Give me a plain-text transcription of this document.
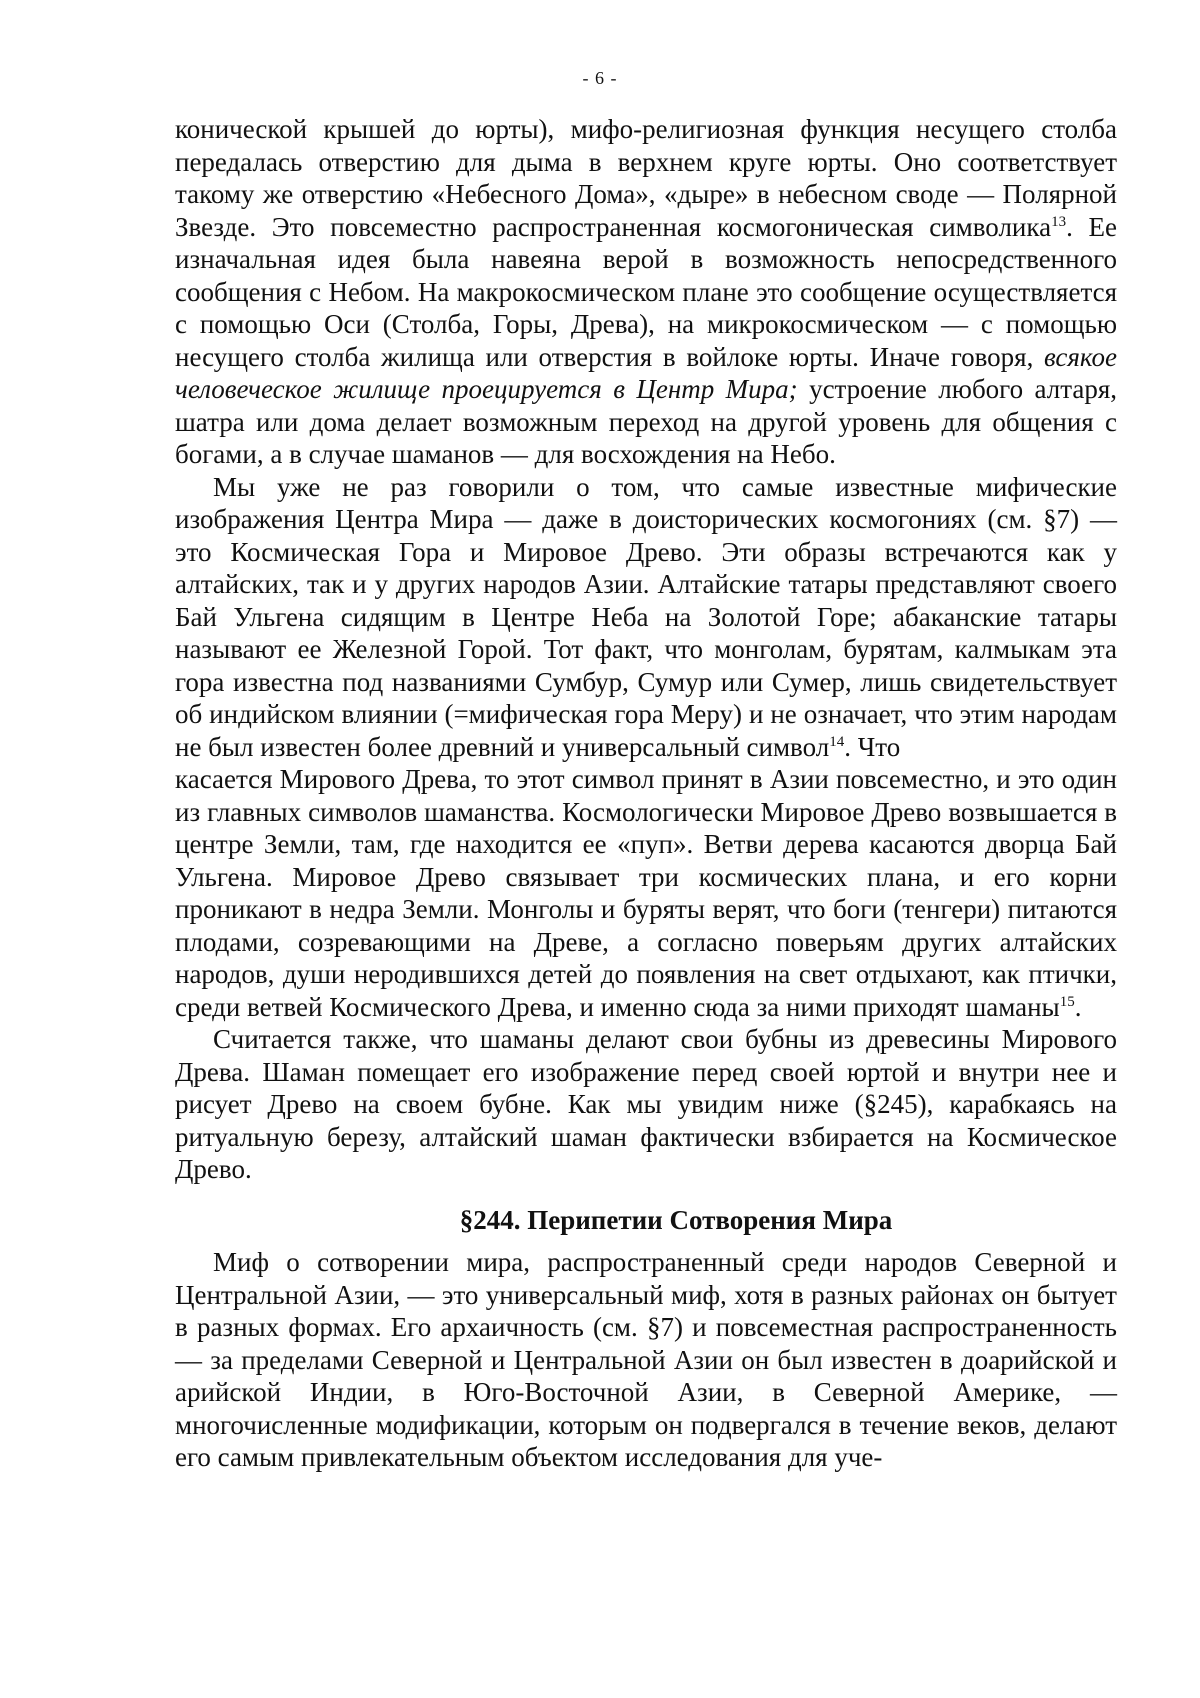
- 6 -

конической крышей до юрты), мифо-религиозная функция несущего столба передалась отверстию для дыма в верхнем круге юрты. Оно соответствует такому же отверстию «Небесного Дома», «дыре» в небесном своде — Полярной Звезде. Это повсеместно распространенная космогоническая символика$^{13}$. Ее изначальная идея была навеяна верой в возможность непосредственного сообщения с Небом. На макрокосмическом плане это сообщение осуществляется с помощью Оси (Столба, Горы, Древа), на микрокосмическом — с помощью несущего столба жилища или отверстия в войлоке юрты. Иначе говоря, всякое человеческое жилище проецируется в Центр Мира; устроение любого алтаря, шатра или дома делает возможным переход на другой уровень для общения с богами, а в случае шаманов — для восхождения на Небо.

Мы уже не раз говорили о том, что самые известные мифические изображения Центра Мира — даже в доисторических космогониях (см. §7) — это Космическая Гора и Мировое Древо. Эти образы встречаются как у алтайских, так и у других народов Азии. Алтайские татары представляют своего Бай Ульгена сидящим в Центре Неба на Золотой Горе; абаканские татары называют ее Железной Горой. Тот факт, что монголам, бурятам, калмыкам эта гора известна под названиями Сумбур, Сумур или Сумер, лишь свидетельствует об индийском влиянии (=мифическая гора Меру) и не означает, что этим народам не был известен более древний и универсальный символ$^{14}$. Что

касается Мирового Древа, то этот символ принят в Азии повсеместно, и это один из главных символов шаманства. Космологически Мировое Древо возвышается в центре Земли, там, где находится ее «пуп». Ветви дерева касаются дворца Бай Ульгена. Мировое Древо связывает три космических плана, и его корни проникают в недра Земли. Монголы и буряты верят, что боги (тенгери) питаются плодами, созревающими на Древе, а согласно поверьям других алтайских народов, души неродившихся детей до появления на свет отдыхают, как птички, среди ветвей Космического Древа, и именно сюда за ними приходят шаманы$^{15}$.

Считается также, что шаманы делают свои бубны из древесины Мирового Древа. Шаман помещает его изображение перед своей юртой и внутри нее и рисует Древо на своем бубне. Как мы увидим ниже (§245), карабкаясь на ритуальную березу, алтайский шаман фактически взбирается на Космическое Древо.

§244. Перипетии Сотворения Мира

Миф о сотворении мира, распространенный среди народов Северной и Центральной Азии, — это универсальный миф, хотя в разных районах он бытует в разных формах. Его архаичность (см. §7) и повсеместная распространенность— за пределами Северной и Центральной Азии он был известен в доарийской и арийской Индии, в Юго-Восточной Азии, в Северной Америке, — многочисленные модификации, которым он подвергался в течение веков, делают его самым привлекательным объектом исследования для уче-
